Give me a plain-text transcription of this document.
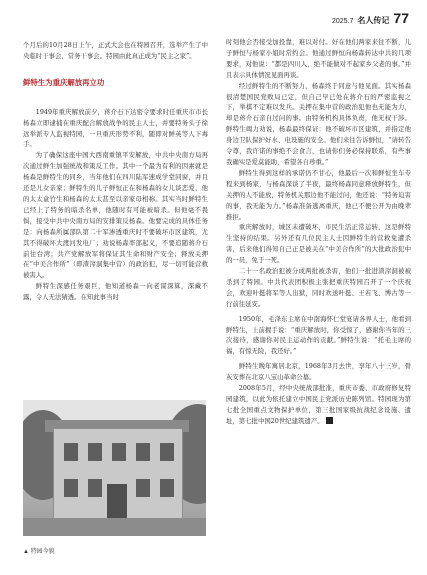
2025.7 名人传记 77

个月后的10月28日上午，正式大会也在特园召开，选举产生了中央临时干事会、常务干事会。特园由此真正成为“民主之家”。

鲜特生为重庆解放再立功

1949年重庆解放前夕，蒋介石下达密令要求时任重庆市市长杨森立即逮捕在重庆配合解放战争的民主人士，并要特务头子徐远举派专人监视特园，一旦重庆形势不利，随即对鲜英等人下毒手。

为了确保这座中国大西南重镇平安解放，中共中央南方局再次通过鲜生加强统战和策反工作。其中一个最为有利的因素就是杨森是鲜特生的同乡，当年他们在四川陆军速成学堂同窗，并且还是儿女亲家；鲜特生的儿子鲜恒正在和杨森的女儿谈恋爱，他的太太盒竹生和杨森的太太甚至以亲家母相称。其实当时鲜特生已经上了特务的暗杀名单，他随时有可能被暗杀。但他毫不畏惧，接受中共中央南方局的安排策反杨森。他要完成的具体任务是：向杨森所属部队第二十军渗透重庆时不要破坏市区建筑，尤其不得破坏大渡河发电厂；劝说杨森率部起义，不要追随蒋介石前往台湾；共产党解放军将保证其生命和财产安全；释放关押在“中美合作所”（即渣滓洞集中营）的政治犯，尽一切可能营救被害人。

鲜特生深感任务艰巨，他知道杨森一向老谋深算，深藏不露，令人无法猜透。在知此事当时

▲ 特园今貌

时刻他会否接受加投靠，难以对付。好在他们两家来往不断，儿子鲜恒与杨家小姐时常约会。他通过鲜恒向杨森转达中共的几项要求，对他说：“都是四川人，绝不能做对不起家乡父老的事。”并且表示具体情况见面再谈。

经过鲜特生的不断努力，杨森终于同意与他见面。其实杨森很清楚国民党败局已定，但自己早已处在蒋介石的严密监视之下，举棋不定难以发兵。关押在集中营的政治犯他也无能为力，却是蒋介石亲自过问的事。由特务机构具体负责，他无权干涉。鲜特生竭力劝说，杨森最终保证：他不破坏市区建筑，并指定他身边卫队保护好水、电设施的安全。他们来往告诉鲜恒，“请转告令尊，我许诺的事绝不会食言，也请你们务必保持联系，有些事我确实是爱莫能助，希望各自珍重。”

鲜特生得到这样的承诺仍不甘心，他最后一次和鲜恒坐车专程来到杨家，与杨森深谈了半夜，最终杨森同意释放鲜特生，但关押的人不能放，特务机关那边他不能过问，他还说：“特务迫害的事，我无能为力。”杨森准备逃离重庆，他已不便公开为由晚辈推拒。

重庆解放时，城区未遭破坏，市民生活正常运转，这是鲜特生坚持的结果。另外还有几位民主人士因鲜特生的营救免遭杀害，后来他们得知自己正是被关在“中美合作所”的大批政治犯中的一员，免于一死。

二十一名政治犯被分成两批被杀害，他们一批进渣滓洞被被杀到了特园。中共代表团积极主张把重庆特园召开了一个庆祝会，欢迎叶挺将军等人出狱，同时欢送叶挺、王若飞、博古等一行前往延安。

1950年，毛泽东主席在中南海怀仁堂宴请各界人士，他看到鲜特生，上前握手说：“重庆解放时，你受惊了，感谢你当年的三次接待，感谢你对民主运动作的贡献。”鲜特生说：“托毛主席的福，有惊无险，我还好。”

鲜特生晚年寓居北京，1968年3月去世，享年八十三岁，骨灰安葬在北京八宝山革命公墓。

2008年5月，经中央统战部批准，重庆市委、市政府修复特园建筑，以此为依托建立中国民主党派历史陈列馆。特园现为第七批全国重点文物保护单位，第三批国家级抗战纪念设施、遗址，第七批中国20世纪建筑遗产。	E
